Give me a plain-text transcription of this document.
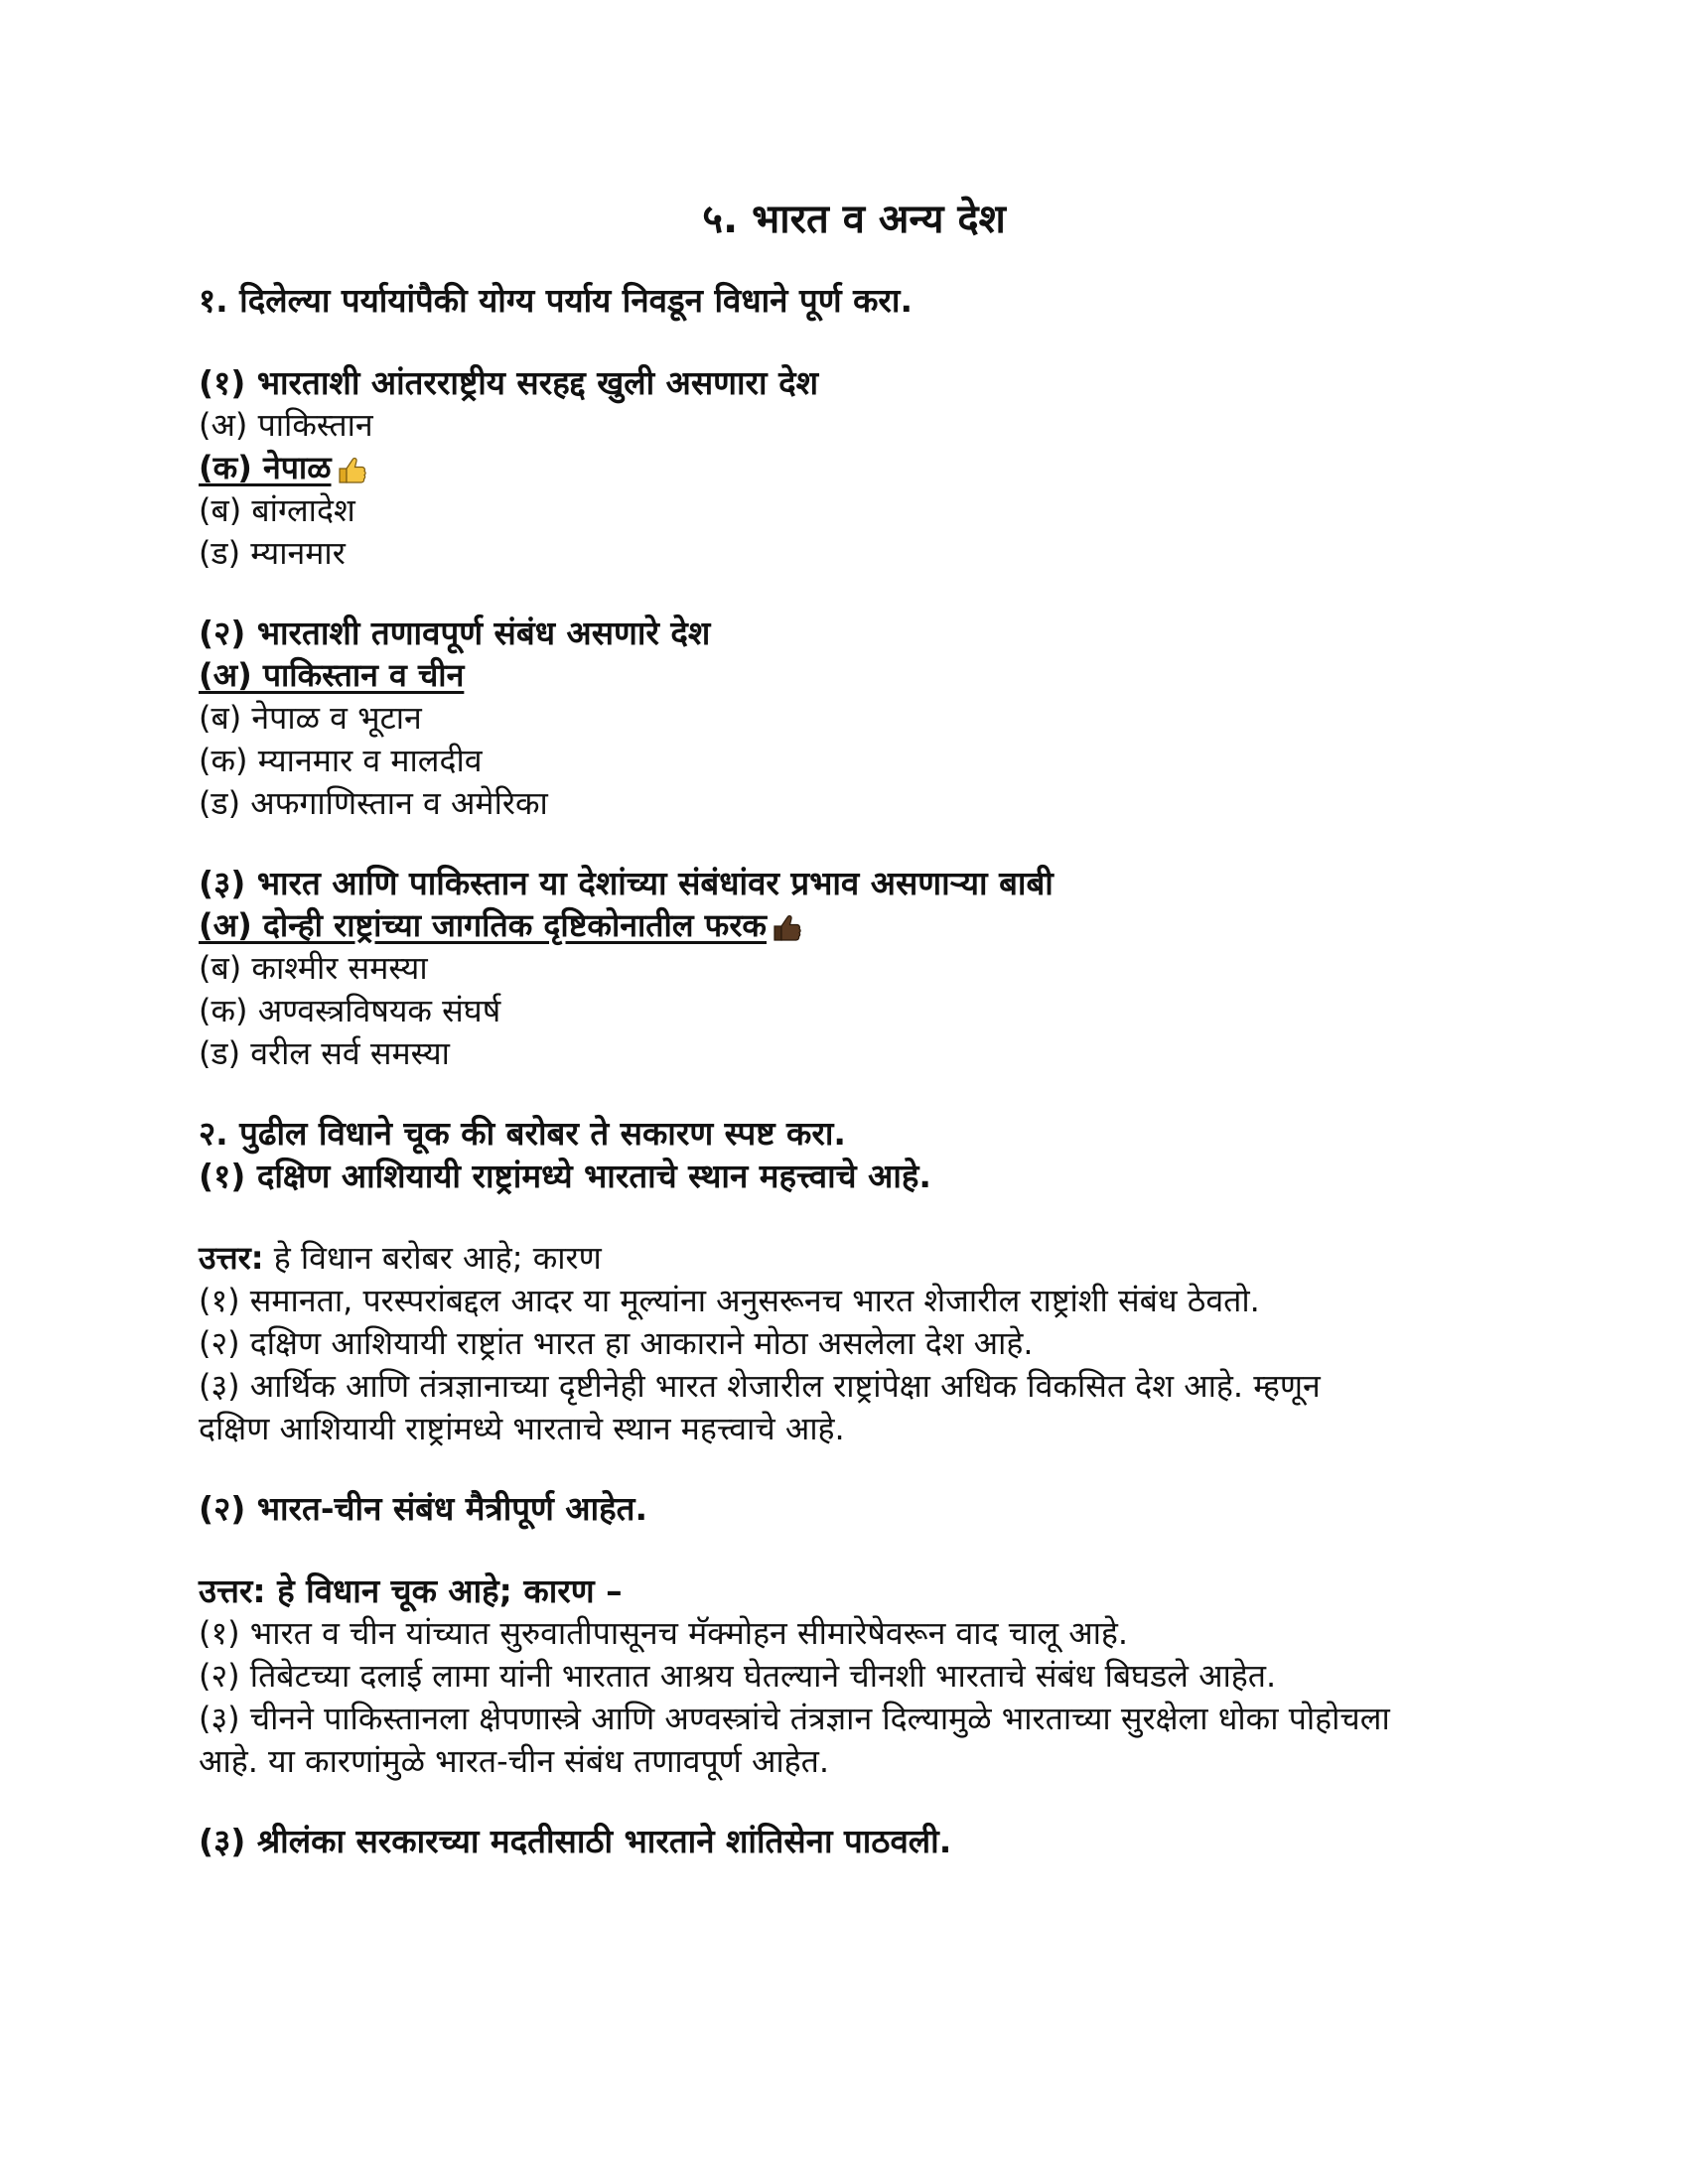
५. भारत व अन्य देश

१. दिलेल्या पर्यायांपैकी योग्य पर्याय निवडून विधाने पूर्ण करा.

(१) भारताशी आंतरराष्ट्रीय सरहद्द खुली असणारा देश

(अ) पाकिस्तान

(क) नेपाळ

(ब) बांग्लादेश

(ड) म्यानमार

(२) भारताशी तणावपूर्ण संबंध असणारे देश

(अ) पाकिस्तान व चीन

(ब) नेपाळ व भूटान

(क) म्यानमार व मालदीव

(ड) अफगाणिस्तान व अमेरिका

(३) भारत आणि पाकिस्तान या देशांच्या संबंधांवर प्रभाव असणाऱ्या बाबी

(अ) दोन्ही राष्ट्रांच्या जागतिक दृष्टिकोनातील फरक

(ब) काश्मीर समस्या

(क) अण्वस्त्रविषयक संघर्ष

(ड) वरील सर्व समस्या

२. पुढील विधाने चूक की बरोबर ते सकारण स्पष्ट करा.

(१) दक्षिण आशियायी राष्ट्रांमध्ये भारताचे स्थान महत्त्वाचे आहे.

उत्तर: हे विधान बरोबर आहे; कारण

(१) समानता, परस्परांबद्दल आदर या मूल्यांना अनुसरूनच भारत शेजारील राष्ट्रांशी संबंध ठेवतो.

(२) दक्षिण आशियायी राष्ट्रांत भारत हा आकाराने मोठा असलेला देश आहे.

(३) आर्थिक आणि तंत्रज्ञानाच्या दृष्टीनेही भारत शेजारील राष्ट्रांपेक्षा अधिक विकसित देश आहे. म्हणून

दक्षिण आशियायी राष्ट्रांमध्ये भारताचे स्थान महत्त्वाचे आहे.

(२) भारत-चीन संबंध मैत्रीपूर्ण आहेत.

उत्तर: हे विधान चूक आहे; कारण –

(१) भारत व चीन यांच्यात सुरुवातीपासूनच मॅक्मोहन सीमारेषेवरून वाद चालू आहे.

(२) तिबेटच्या दलाई लामा यांनी भारतात आश्रय घेतल्याने चीनशी भारताचे संबंध बिघडले आहेत.

(३) चीनने पाकिस्तानला क्षेपणास्त्रे आणि अण्वस्त्रांचे तंत्रज्ञान दिल्यामुळे भारताच्या सुरक्षेला धोका पोहोचला

आहे. या कारणांमुळे भारत-चीन संबंध तणावपूर्ण आहेत.

(३) श्रीलंका सरकारच्या मदतीसाठी भारताने शांतिसेना पाठवली.
